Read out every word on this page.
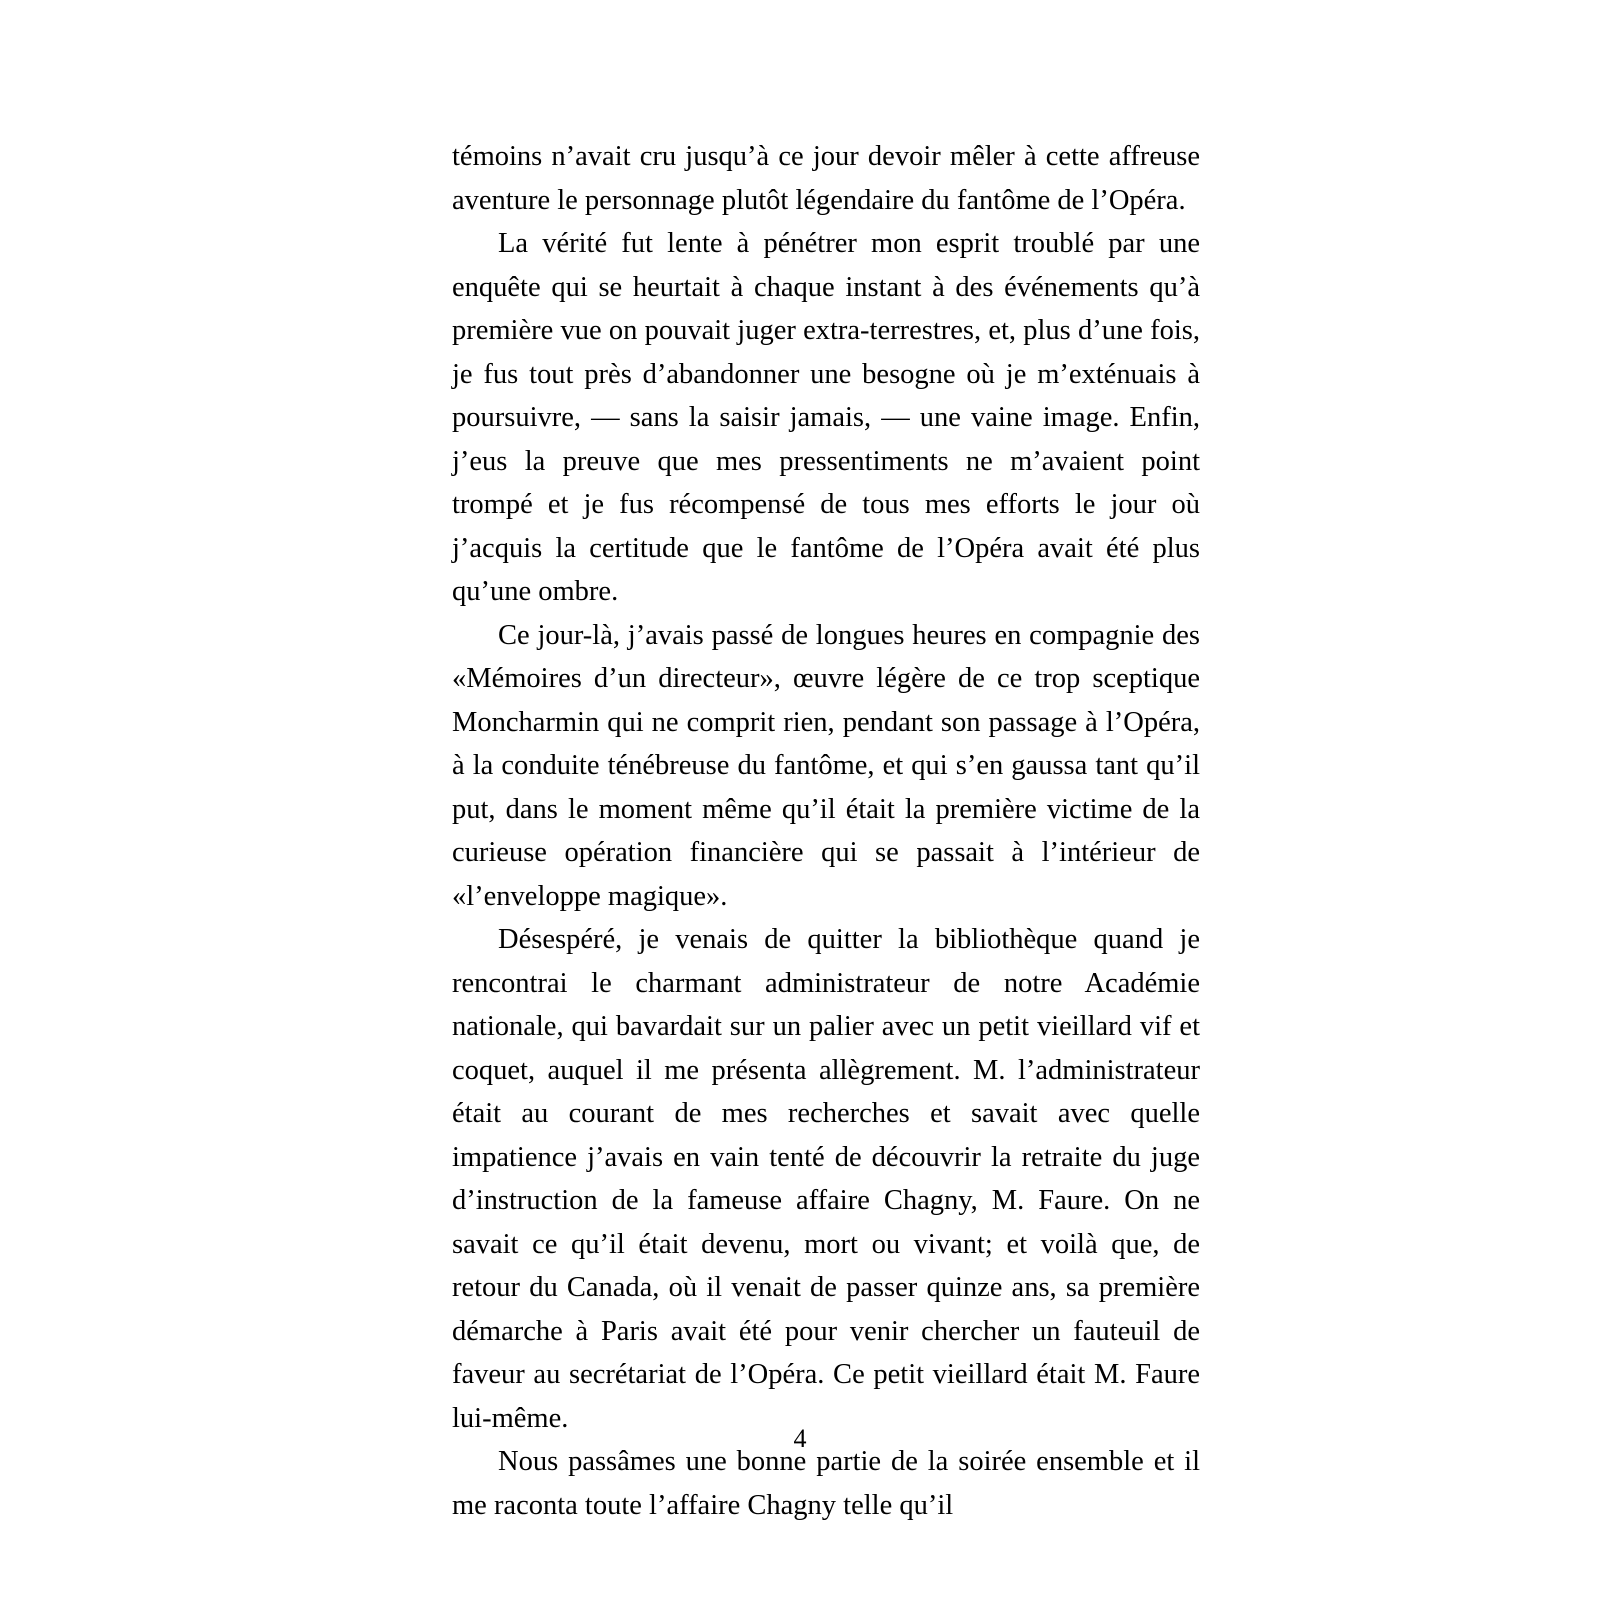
témoins n’avait cru jusqu’à ce jour devoir mêler à cette affreuse aventure le personnage plutôt légendaire du fantôme de l’Opéra.

La vérité fut lente à pénétrer mon esprit troublé par une enquête qui se heurtait à chaque instant à des événements qu’à première vue on pouvait juger extra-terrestres, et, plus d’une fois, je fus tout près d’abandonner une besogne où je m’exténuais à poursuivre, — sans la saisir jamais, — une vaine image. Enfin, j’eus la preuve que mes pressentiments ne m’avaient point trompé et je fus récompensé de tous mes efforts le jour où j’acquis la certitude que le fantôme de l’Opéra avait été plus qu’une ombre.

Ce jour-là, j’avais passé de longues heures en compagnie des «Mémoires d’un directeur», œuvre légère de ce trop sceptique Moncharmin qui ne comprit rien, pendant son passage à l’Opéra, à la conduite ténébreuse du fantôme, et qui s’en gaussa tant qu’il put, dans le moment même qu’il était la première victime de la curieuse opération financière qui se passait à l’intérieur de «l’enveloppe magique».

Désespéré, je venais de quitter la bibliothèque quand je rencontrai le charmant administrateur de notre Académie nationale, qui bavardait sur un palier avec un petit vieillard vif et coquet, auquel il me présenta allègrement. M. l’administrateur était au courant de mes recherches et savait avec quelle impatience j’avais en vain tenté de découvrir la retraite du juge d’instruction de la fameuse affaire Chagny, M. Faure. On ne savait ce qu’il était devenu, mort ou vivant; et voilà que, de retour du Canada, où il venait de passer quinze ans, sa première démarche à Paris avait été pour venir chercher un fauteuil de faveur au secrétariat de l’Opéra. Ce petit vieillard était M. Faure lui-même.

Nous passâmes une bonne partie de la soirée ensemble et il me raconta toute l’affaire Chagny telle qu’il

4
